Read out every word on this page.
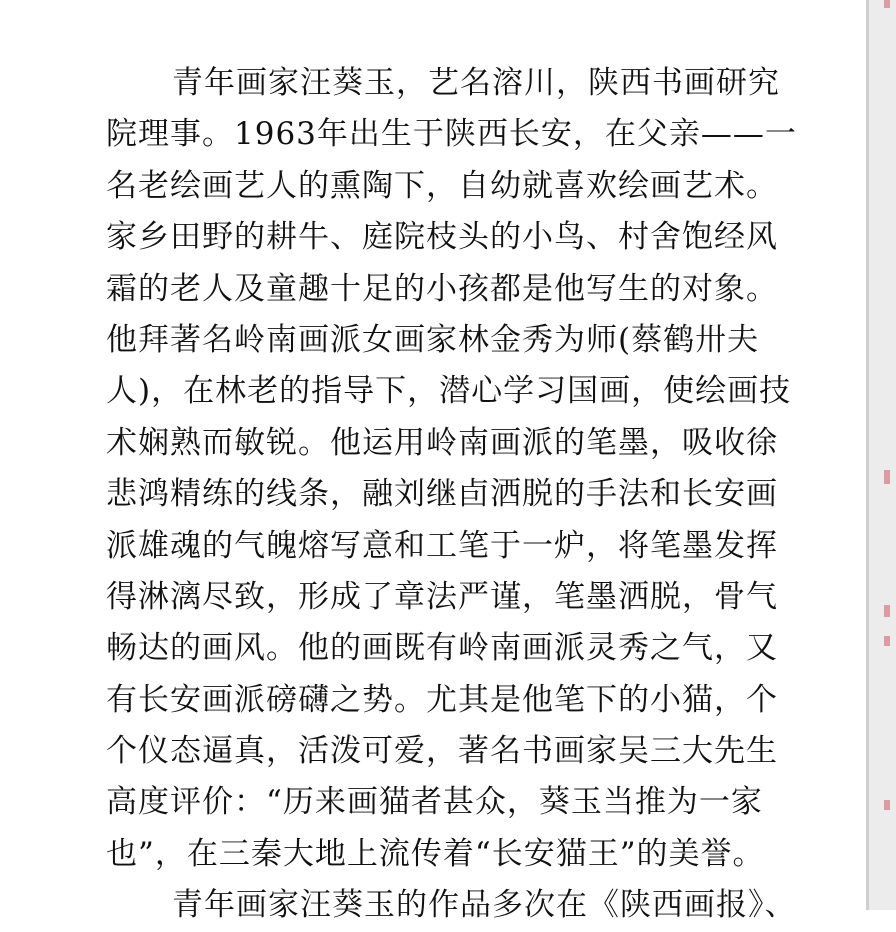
青年画家汪葵玉，艺名溶川，陕西书画研究
院理事。1963年出生于陕西长安，在父亲——一
名老绘画艺人的熏陶下，自幼就喜欢绘画艺术。
家乡田野的耕牛、庭院枝头的小鸟、村舍饱经风
霜的老人及童趣十足的小孩都是他写生的对象。
他拜著名岭南画派女画家林金秀为师(蔡鹤卅夫
人)，在林老的指导下，潜心学习国画，使绘画技
术娴熟而敏锐。他运用岭南画派的笔墨，吸收徐
悲鸿精练的线条，融刘继卣洒脱的手法和长安画
派雄魂的气魄熔写意和工笔于一炉，将笔墨发挥
得淋漓尽致，形成了章法严谨，笔墨洒脱，骨气
畅达的画风。他的画既有岭南画派灵秀之气，又
有长安画派磅礴之势。尤其是他笔下的小猫，个
个仪态逼真，活泼可爱，著名书画家吴三大先生
高度评价：“历来画猫者甚众，葵玉当推为一家
也”，在三秦大地上流传着“长安猫王”的美誉。
青年画家汪葵玉的作品多次在《陕西画报》、
